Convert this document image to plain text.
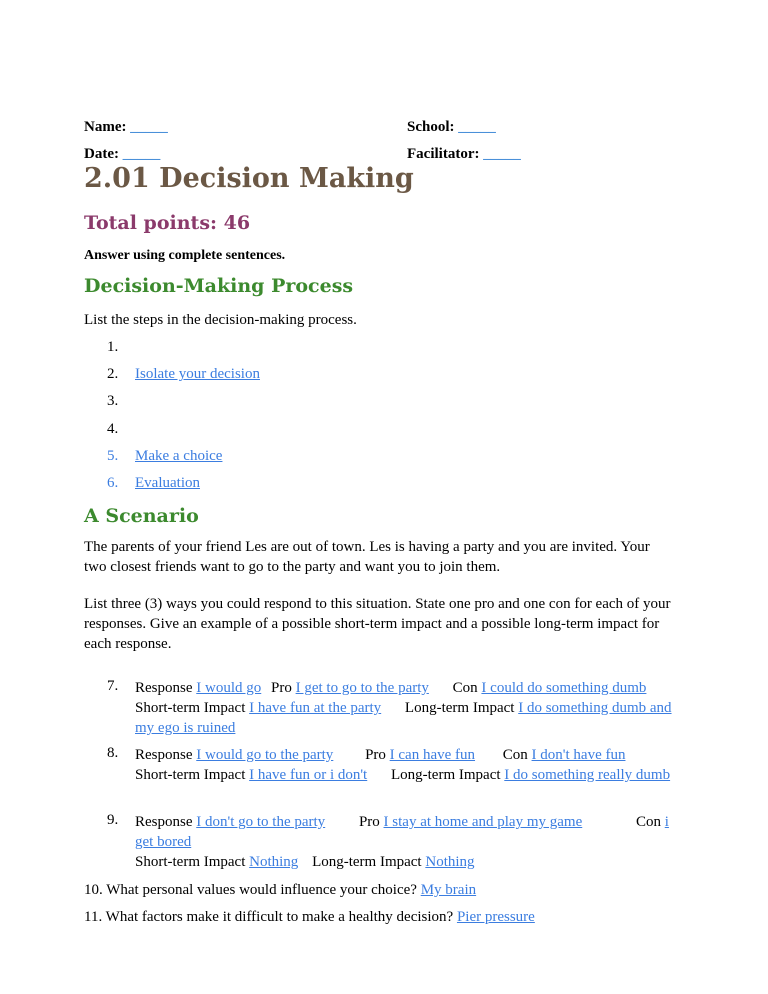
Name: _____	School: _____
Date: _____	Facilitator: _____
2.01 Decision Making
Total points: 46
Answer using complete sentences.
Decision-Making Process
List the steps in the decision-making process.
1.
2. Isolate your decision
3.
4.
5. Make a choice
6. Evaluation
A Scenario
The parents of your friend Les are out of town. Les is having a party and you are invited. Your two closest friends want to go to the party and want you to join them.
List three (3) ways you could respond to this situation. State one pro and one con for each of your responses. Give an example of a possible short-term impact and a possible long-term impact for each response.
7. Response I would go Pro I get to go to the party Con I could do something dumb
Short-term Impact I have fun at the party Long-term Impact I do something dumb and my ego is ruined
8. Response I would go to the party Pro I can have fun Con I don't have fun
Short-term Impact I have fun or i don't Long-term Impact I do something really dumb
9. Response I don't go to the party Pro I stay at home and play my game	Con i get bored
Short-term Impact Nothing Long-term Impact Nothing
10. What personal values would influence your choice? My brain
11. What factors make it difficult to make a healthy decision? Pier pressure
